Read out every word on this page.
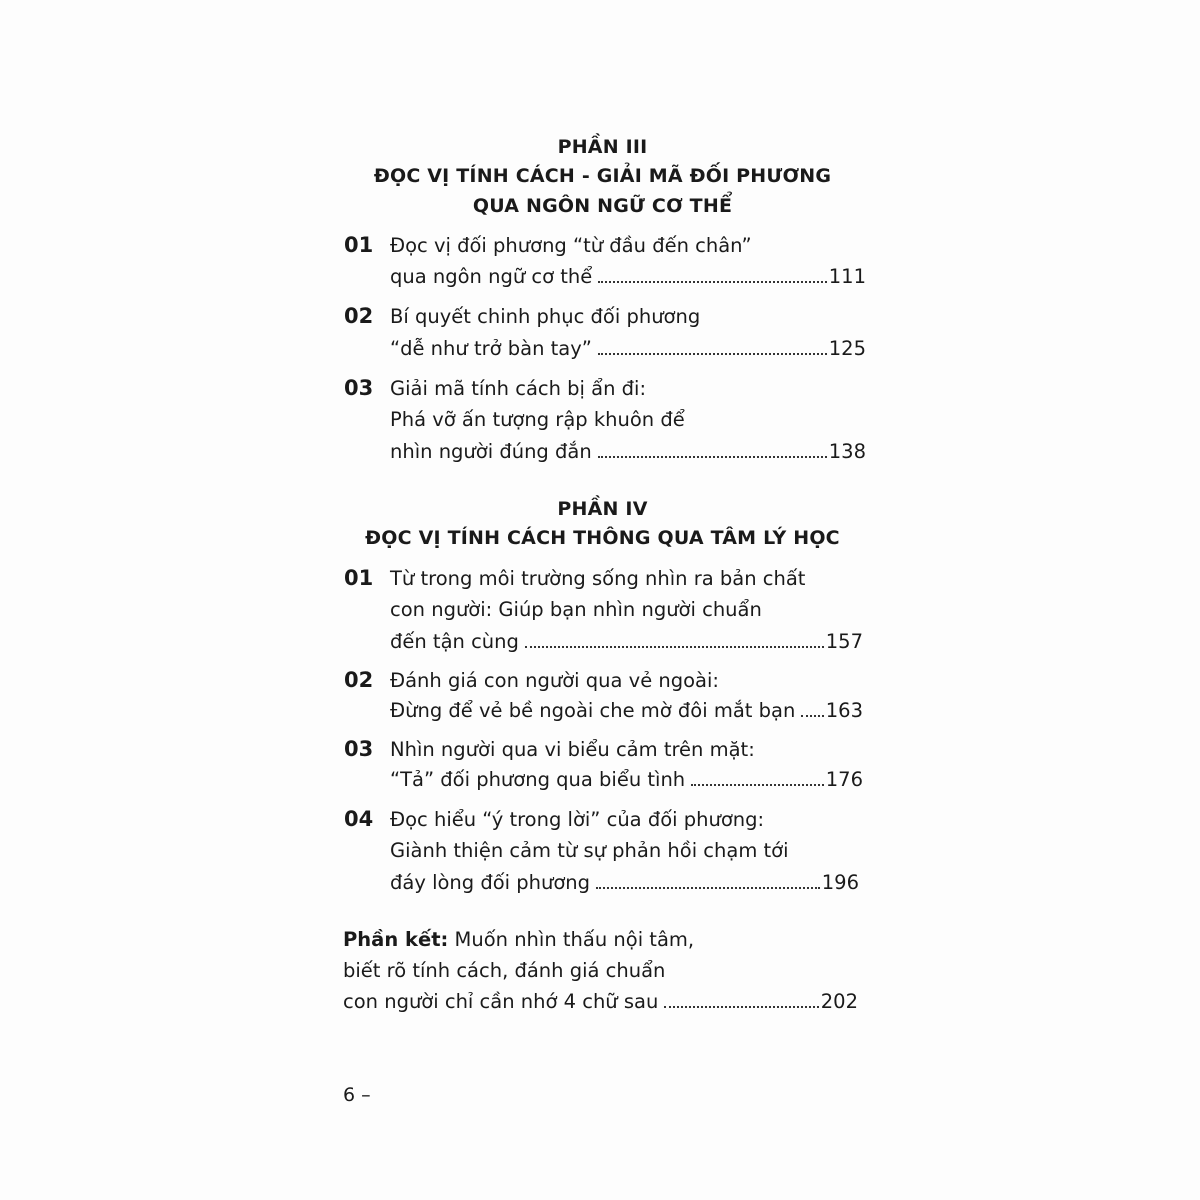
PHẦN III
ĐỌC VỊ TÍNH CÁCH - GIẢI MÃ ĐỐI PHƯƠNG
QUA NGÔN NGỮ CƠ THỂ
01 Đọc vị đối phương “từ đầu đến chân”
qua ngôn ngữ cơ thể	111
02 Bí quyết chinh phục đối phương
“dễ như trở bàn tay”	125
03 Giải mã tính cách bị ẩn đi:
Phá vỡ ấn tượng rập khuôn để
nhìn người đúng đắn	138
PHẦN IV
ĐỌC VỊ TÍNH CÁCH THÔNG QUA TÂM LÝ HỌC
01 Từ trong môi trường sống nhìn ra bản chất
con người: Giúp bạn nhìn người chuẩn
đến tận cùng	157
02 Đánh giá con người qua vẻ ngoài:
Đừng để vẻ bề ngoài che mờ đôi mắt bạn 163
03 Nhìn người qua vi biểu cảm trên mặt:
“Tả” đối phương qua biểu tình	176
04 Đọc hiểu “ý trong lời” của đối phương:
Giành thiện cảm từ sự phản hồi chạm tới
đáy lòng đối phương	196
Phần kết: Muốn nhìn thấu nội tâm,
biết rõ tính cách, đánh giá chuẩn
con người chỉ cần nhớ 4 chữ sau	202
6 –
